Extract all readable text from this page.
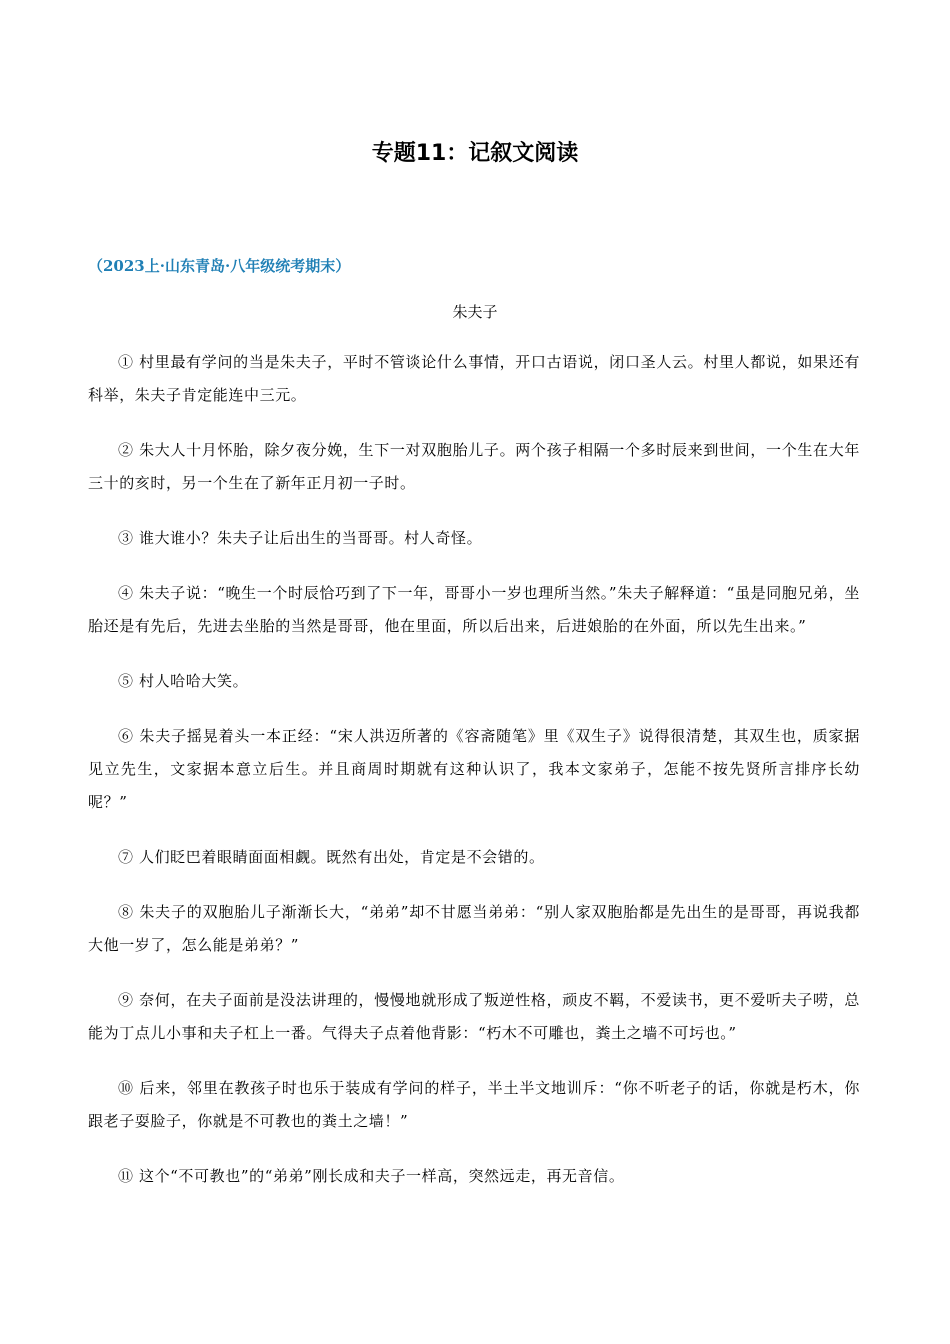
专题11：记叙文阅读
（2023上·山东青岛·八年级统考期末）
朱夫子

① 村里最有学问的当是朱夫子，平时不管谈论什么事情，开口古语说，闭口圣人云。村里人都说，如果还有科举，朱夫子肯定能连中三元。

② 朱大人十月怀胎，除夕夜分娩，生下一对双胞胎儿子。两个孩子相隔一个多时辰来到世间，一个生在大年三十的亥时，另一个生在了新年正月初一子时。

③ 谁大谁小？朱夫子让后出生的当哥哥。村人奇怪。

④ 朱夫子说：“晚生一个时辰恰巧到了下一年，哥哥小一岁也理所当然。”朱夫子解释道：“虽是同胞兄弟，坐胎还是有先后，先进去坐胎的当然是哥哥，他在里面，所以后出来，后进娘胎的在外面，所以先生出来。”

⑤ 村人哈哈大笑。

⑥ 朱夫子摇晃着头一本正经：“宋人洪迈所著的《容斋随笔》里《双生子》说得很清楚，其双生也，质家据见立先生，文家据本意立后生。并且商周时期就有这种认识了，我本文家弟子，怎能不按先贤所言排序长幼呢？”

⑦ 人们眨巴着眼睛面面相觑。既然有出处，肯定是不会错的。

⑧ 朱夫子的双胞胎儿子渐渐长大，“弟弟”却不甘愿当弟弟：“别人家双胞胎都是先出生的是哥哥，再说我都大他一岁了，怎么能是弟弟？”

⑨ 奈何，在夫子面前是没法讲理的，慢慢地就形成了叛逆性格，顽皮不羁，不爱读书，更不爱听夫子唠，总能为丁点儿小事和夫子杠上一番。气得夫子点着他背影：“朽木不可雕也，粪土之墙不可圬也。”

⑩ 后来，邻里在教孩子时也乐于装成有学问的样子，半土半文地训斥：“你不听老子的话，你就是朽木，你跟老子耍脸子，你就是不可教也的粪土之墙！”

⑪ 这个“不可教也”的“弟弟”刚长成和夫子一样高，突然远走，再无音信。
